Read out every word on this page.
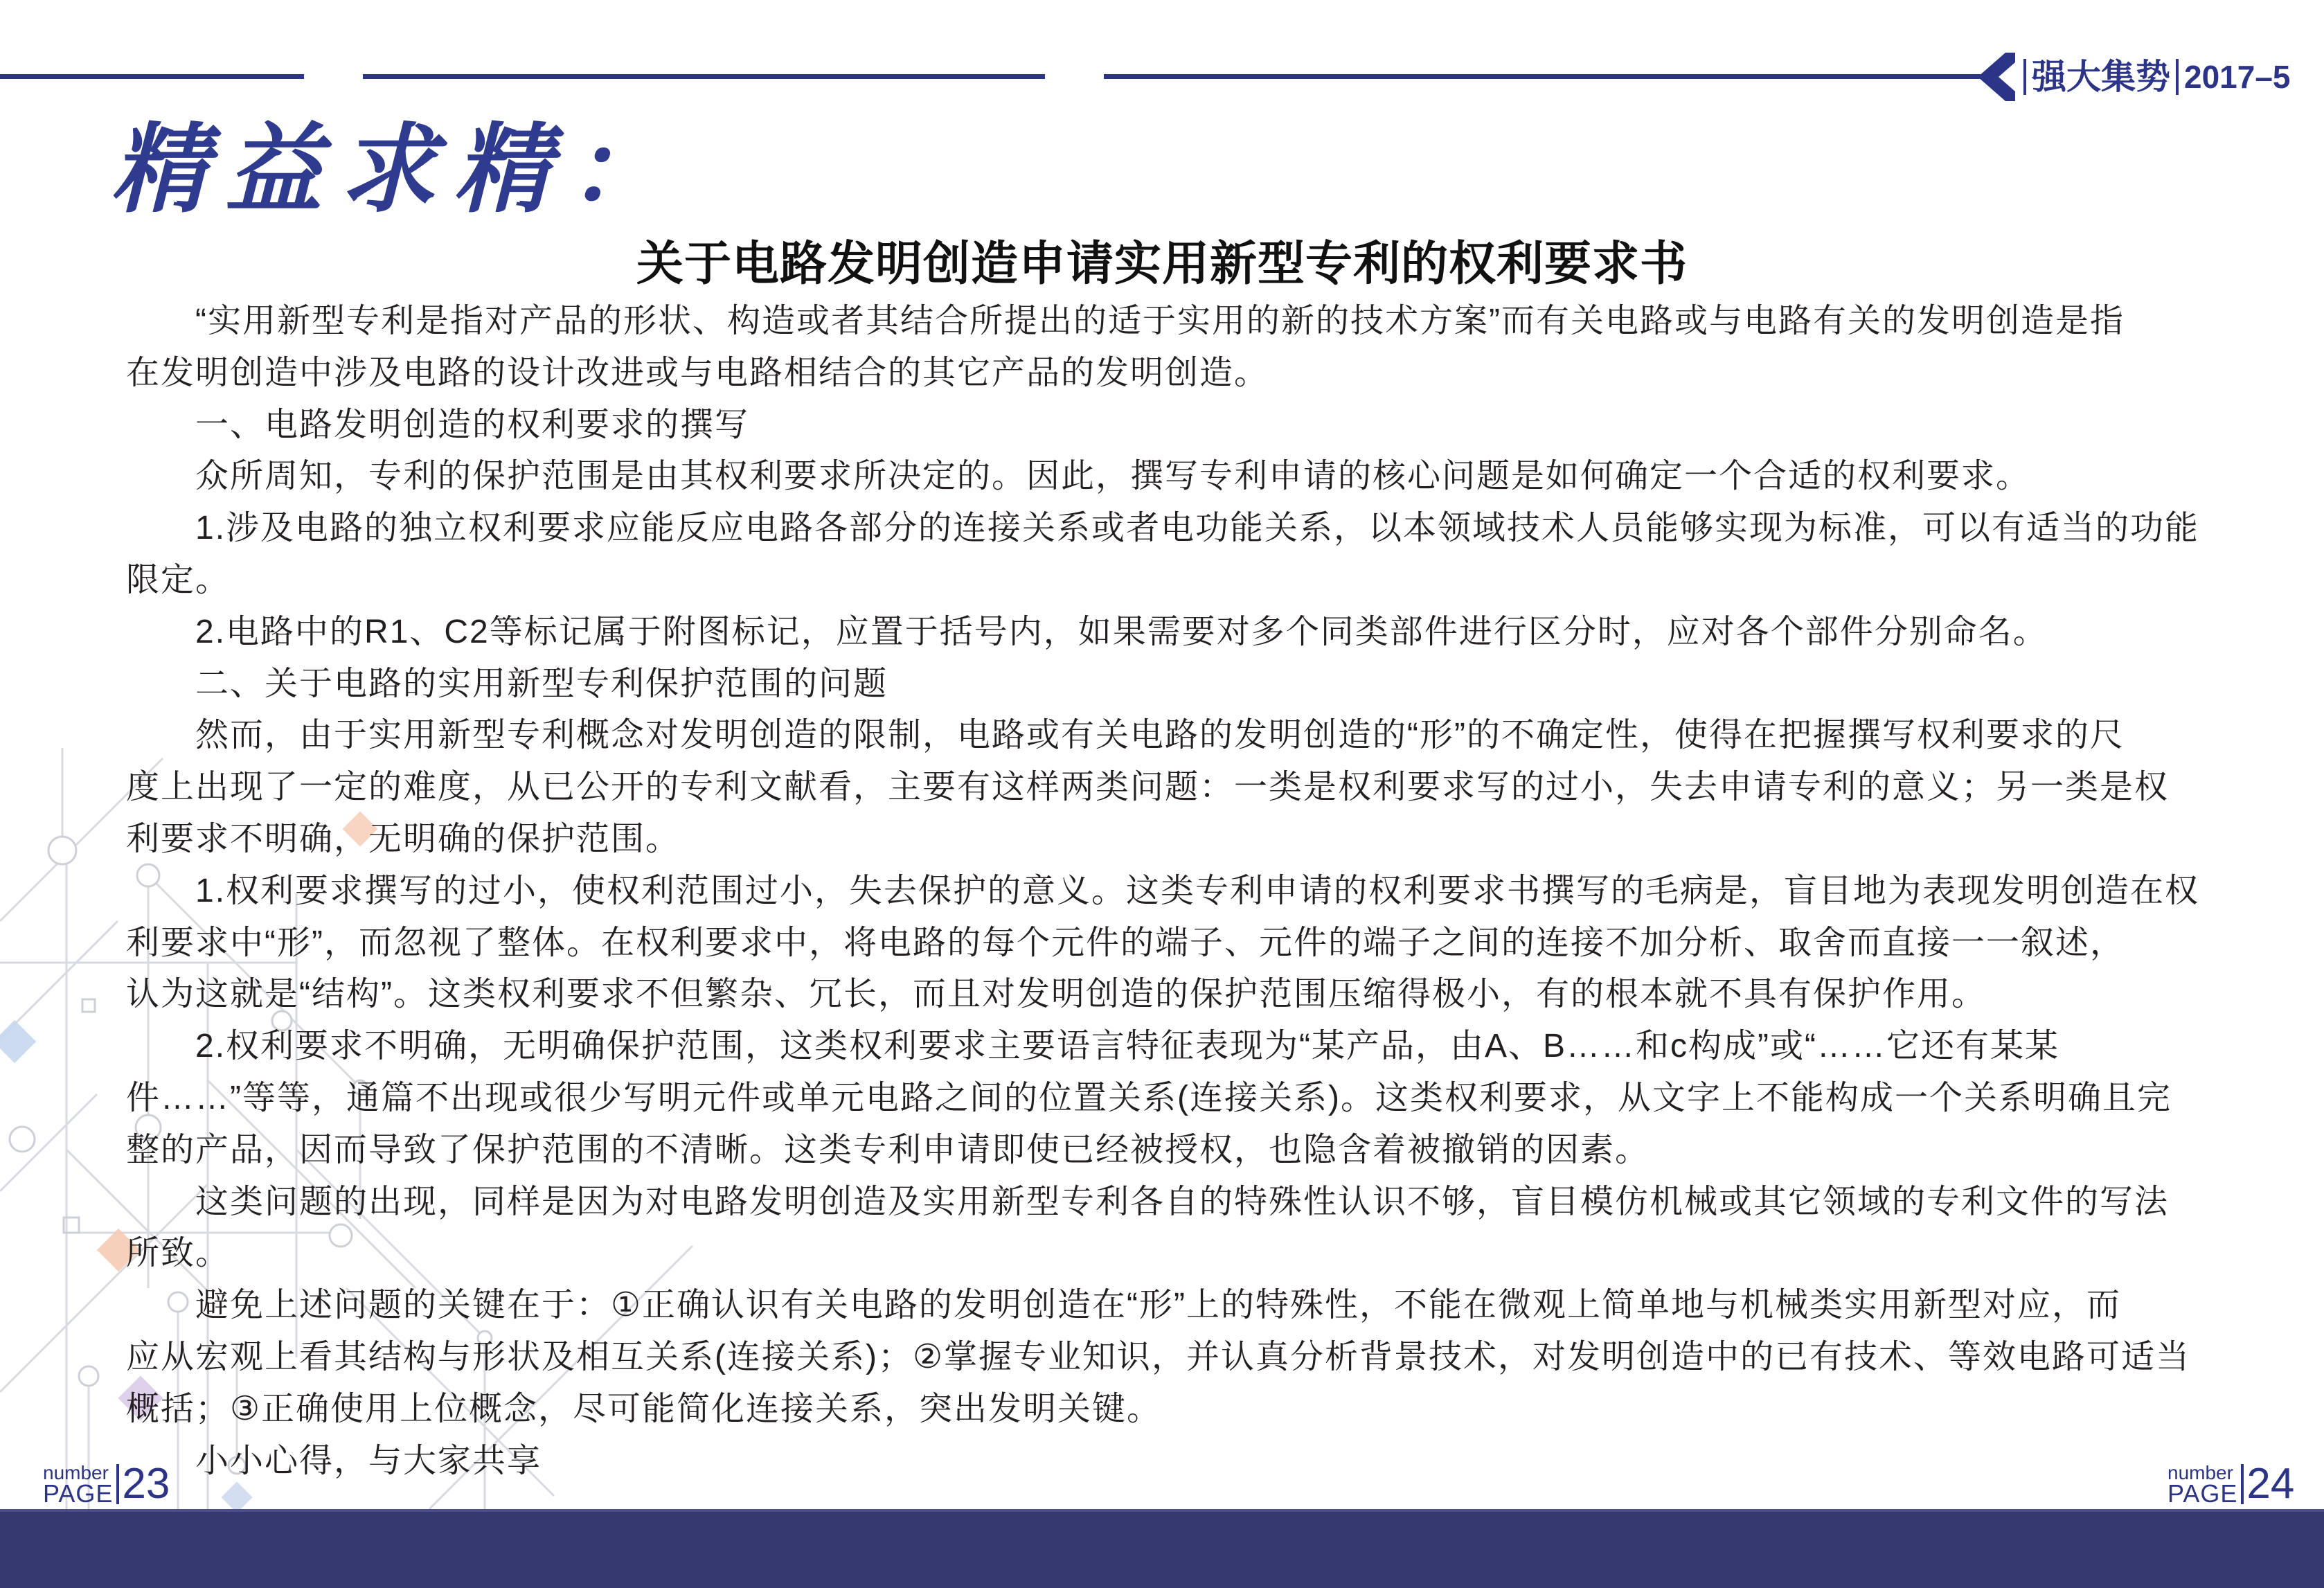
强大集势 2017–5
精益求精：
关于电路发明创造申请实用新型专利的权利要求书
“实用新型专利是指对产品的形状、构造或者其结合所提出的适于实用的新的技术方案”而有关电路或与电路有关的发明创造是指
在发明创造中涉及电路的设计改进或与电路相结合的其它产品的发明创造。
一、电路发明创造的权利要求的撰写
众所周知，专利的保护范围是由其权利要求所决定的。因此，撰写专利申请的核心问题是如何确定一个合适的权利要求。
1.涉及电路的独立权利要求应能反应电路各部分的连接关系或者电功能关系，以本领域技术人员能够实现为标准，可以有适当的功能
限定。
2.电路中的R1、C2等标记属于附图标记，应置于括号内，如果需要对多个同类部件进行区分时，应对各个部件分别命名。
二、关于电路的实用新型专利保护范围的问题
然而，由于实用新型专利概念对发明创造的限制，电路或有关电路的发明创造的“形”的不确定性，使得在把握撰写权利要求的尺
度上出现了一定的难度，从已公开的专利文献看，主要有这样两类问题：一类是权利要求写的过小，失去申请专利的意义；另一类是权
利要求不明确，无明确的保护范围。
1.权利要求撰写的过小，使权利范围过小，失去保护的意义。这类专利申请的权利要求书撰写的毛病是，盲目地为表现发明创造在权
利要求中“形”，而忽视了整体。在权利要求中，将电路的每个元件的端子、元件的端子之间的连接不加分析、取舍而直接一一叙述，
认为这就是“结构”。这类权利要求不但繁杂、冗长，而且对发明创造的保护范围压缩得极小，有的根本就不具有保护作用。
2.权利要求不明确，无明确保护范围，这类权利要求主要语言特征表现为“某产品，由A、B……和c构成”或“……它还有某某
件……”等等，通篇不出现或很少写明元件或单元电路之间的位置关系(连接关系)。这类权利要求，从文字上不能构成一个关系明确且完
整的产品，因而导致了保护范围的不清晰。这类专利申请即使已经被授权，也隐含着被撤销的因素。
这类问题的出现，同样是因为对电路发明创造及实用新型专利各自的特殊性认识不够，盲目模仿机械或其它领域的专利文件的写法
所致。
避免上述问题的关键在于：①正确认识有关电路的发明创造在“形”上的特殊性，不能在微观上简单地与机械类实用新型对应，而
应从宏观上看其结构与形状及相互关系(连接关系)；②掌握专业知识，并认真分析背景技术，对发明创造中的已有技术、等效电路可适当
概括；③正确使用上位概念，尽可能简化连接关系，突出发明关键。
小小心得，与大家共享
number
PAGE 23	number
PAGE 24
